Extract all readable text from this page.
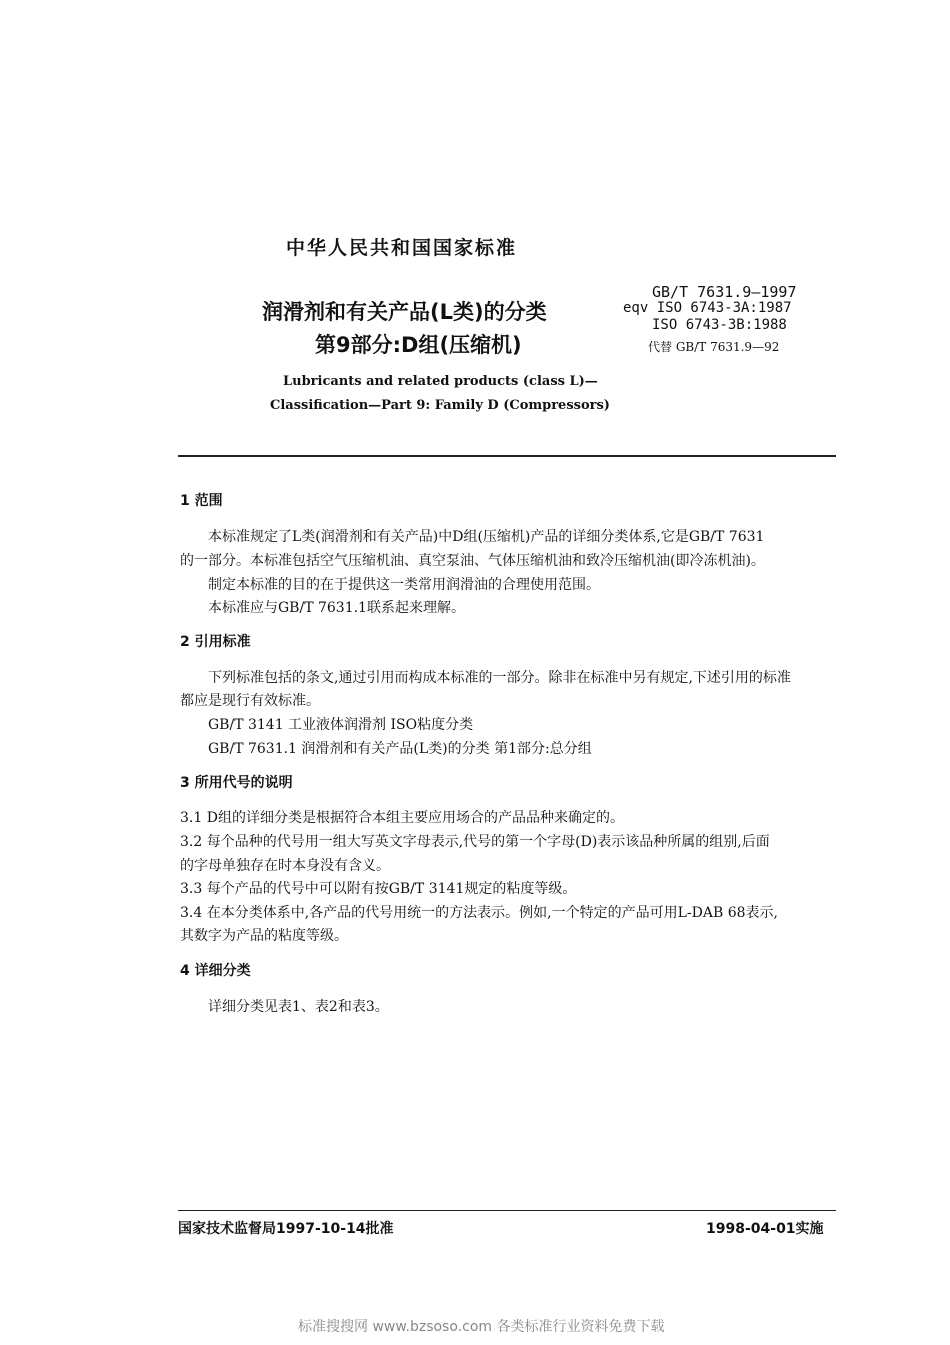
中华人民共和国国家标准
润滑剂和有关产品(L类)的分类
第9部分:D组(压缩机)
GB/T 7631.9—1997
eqv ISO 6743-3A:1987
ISO 6743-3B:1988
代替 GB/T 7631.9—92
Lubricants and related products (class L)—
Classification—Part 9: Family D (Compressors)
1 范围
本标准规定了L类(润滑剂和有关产品)中D组(压缩机)产品的详细分类体系,它是GB/T 7631
的一部分。本标准包括空气压缩机油、真空泵油、气体压缩机油和致冷压缩机油(即冷冻机油)。
制定本标准的目的在于提供这一类常用润滑油的合理使用范围。
本标准应与GB/T 7631.1联系起来理解。
2 引用标准
下列标准包括的条文,通过引用而构成本标准的一部分。除非在标准中另有规定,下述引用的标准
都应是现行有效标准。
GB/T 3141 工业液体润滑剂 ISO粘度分类
GB/T 7631.1 润滑剂和有关产品(L类)的分类 第1部分:总分组
3 所用代号的说明
3.1 D组的详细分类是根据符合本组主要应用场合的产品品种来确定的。
3.2 每个品种的代号用一组大写英文字母表示,代号的第一个字母(D)表示该品种所属的组别,后面
的字母单独存在时本身没有含义。
3.3 每个产品的代号中可以附有按GB/T 3141规定的粘度等级。
3.4 在本分类体系中,各产品的代号用统一的方法表示。例如,一个特定的产品可用L-DAB 68表示,
其数字为产品的粘度等级。
4 详细分类
详细分类见表1、表2和表3。
国家技术监督局1997-10-14批准	1998-04-01实施
标准搜搜网 www.bzsoso.com 各类标准行业资料免费下载
